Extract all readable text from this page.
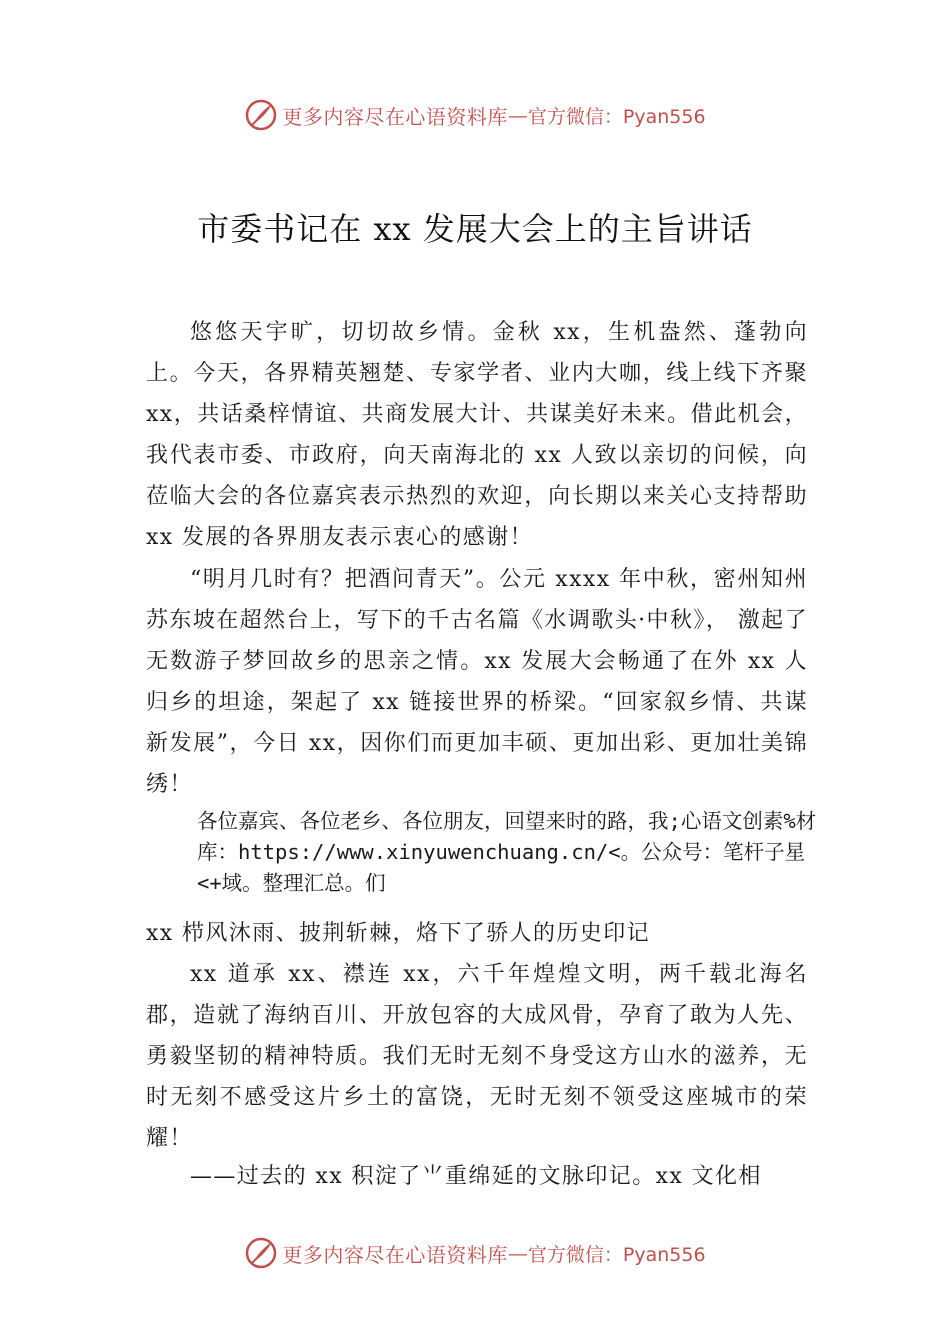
更多内容尽在心语资料库 — 官方微信：Pyan556
市委书记在 xx 发展大会上的主旨讲话
悠悠天宇旷，切切故乡情。金秋 xx，生机盎然、蓬勃向上。今天，各界精英翘楚、专家学者、业内大咖，线上线下齐聚 xx，共话桑梓情谊、共商发展大计、共谋美好未来。借此机会，我代表市委、市政府，向天南海北的 xx 人致以亲切的问候，向莅临大会的各位嘉宾表示热烈的欢迎，向长期以来关心支持帮助 xx 发展的各界朋友表示衷心的感谢！
“明月几时有？把酒问青天”。公元 xxxx 年中秋，密州知州苏东坡在超然台上，写下的千古名篇《水调歌头·中秋》， 激起了无数游子梦回故乡的思亲之情。xx 发展大会畅通了在外 xx 人归乡的坦途，架起了 xx 链接世界的桥梁。“回家叙乡情、共谋新发展”，今日 xx，因你们而更加丰硕、更加出彩、更加壮美锦绣！
各位嘉宾、各位老乡、各位朋友，回望来时的路，我;心语文创素%材库：https://www.xinyuwenchuang.cn/<。公众号：笔杆子星<+域。整理汇总。们
xx 栉风沐雨、披荆斩棘，烙下了骄人的历史印记
xx 道承 xx、襟连 xx，六千年煌煌文明，两千载北海名郡，造就了海纳百川、开放包容的大成风骨，孕育了敢为人先、勇毅坚韧的精神特质。我们无时无刻不身受这方山水的滋养，无时无刻不感受这片乡土的富饶，无时无刻不领受这座城市的荣耀！
——过去的 xx 积淀了⺌重绵延的文脉印记。xx 文化相
更多内容尽在心语资料库 — 官方微信：Pyan556
